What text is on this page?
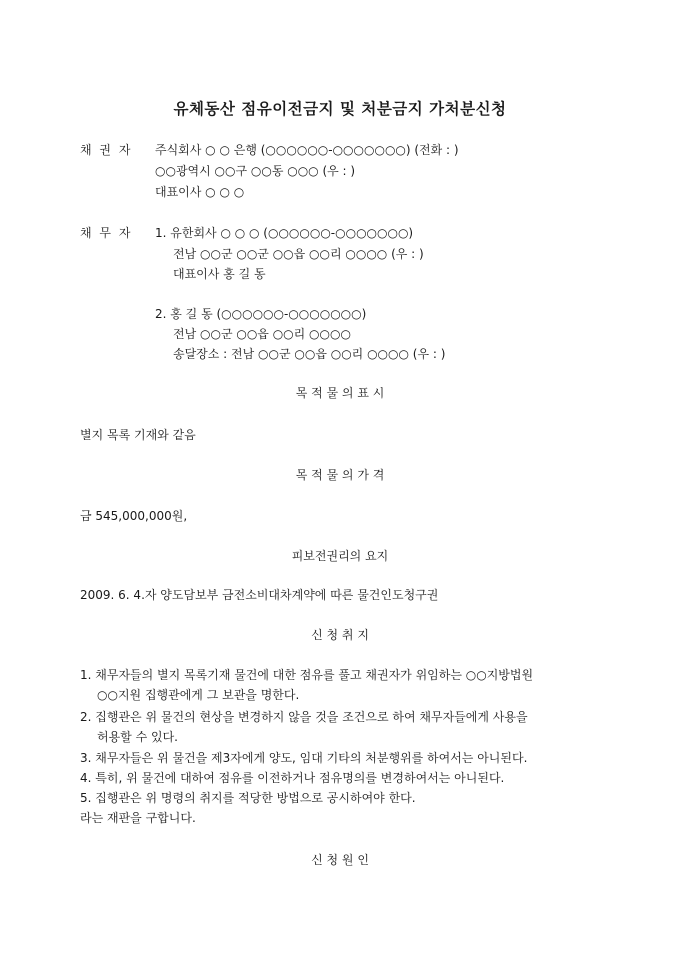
유체동산 점유이전금지 및 처분금지 가처분신청
채 권 자 주식회사 ○ ○ 은행 (○○○○○○-○○○○○○○) (전화 : )
○○광역시 ○○구 ○○동 ○○○ (우 : )
대표이사 ○ ○ ○
채 무 자 1. 유한회사 ○ ○ ○ (○○○○○○-○○○○○○○)
전남 ○○군 ○○군 ○○읍 ○○리 ○○○○ (우 : )
대표이사 홍 길 동
2. 홍 길 동 (○○○○○○-○○○○○○○)
전남 ○○군 ○○읍 ○○리 ○○○○
송달장소 : 전남 ○○군 ○○읍 ○○리 ○○○○ (우 : )
목 적 물 의 표 시
별지 목록 기재와 같음
목 적 물 의 가 격
금 545,000,000원,
피보전권리의 요지
2009. 6. 4.자 양도담보부 금전소비대차계약에 따른 물건인도청구권
신 청 취 지
1. 채무자들의 별지 목록기재 물건에 대한 점유를 풀고 채권자가 위임하는 ○○지방법원
○○지원 집행관에게 그 보관을 명한다.
2. 집행관은 위 물건의 현상을 변경하지 않을 것을 조건으로 하여 채무자들에게 사용을
허용할 수 있다.
3. 채무자들은 위 물건을 제3자에게 양도, 임대 기타의 처분행위를 하여서는 아니된다.
4. 특히, 위 물건에 대하여 점유를 이전하거나 점유명의를 변경하여서는 아니된다.
5. 집행관은 위 명령의 취지를 적당한 방법으로 공시하여야 한다.
라는 재판을 구합니다.
신 청 원 인
